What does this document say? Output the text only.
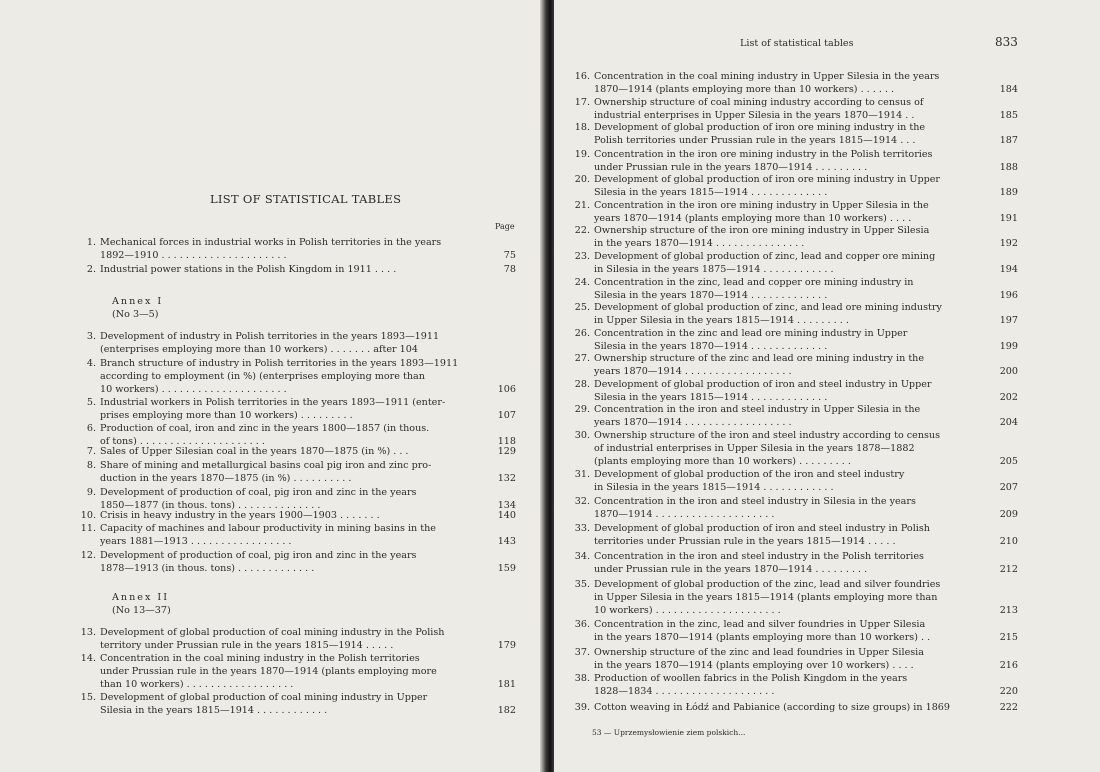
LIST OF STATISTICAL TABLES
Page
1. Mechanical forces in industrial works in Polish territories in the years
1892—1910 . . . . . . . . . . . . . . . . . . . . .	75
2. Industrial power stations in the Polish Kingdom in 1911 . . . .	78
3. Development of industry in Polish territories in the years 1893—1911
(enterprises employing more than 10 workers) . . . . . . . after 104
4. Branch structure of industry in Polish territories in the years 1893—1911
according to employment (in %) (enterprises employing more than
10 workers) . . . . . . . . . . . . . . . . . . . . .	106
5. Industrial workers in Polish territories in the years 1893—1911 (enter-
prises employing more than 10 workers) . . . . . . . . .	107
6. Production of coal, iron and zinc in the years 1800—1857 (in thous.
of tons) . . . . . . . . . . . . . . . . . . . . .	118
7. Sales of Upper Silesian coal in the years 1870—1875 (in %) . . .	129
8. Share of mining and metallurgical basins coal pig iron and zinc pro-
duction in the years 1870—1875 (in %) . . . . . . . . . .	132
9. Development of production of coal, pig iron and zinc in the years
1850—1877 (in thous. tons) . . . . . . . . . . . . . .	134
10. Crisis in heavy industry in the years 1900—1903 . . . . . . .	140
11. Capacity of machines and labour productivity in mining basins in the
years 1881—1913 . . . . . . . . . . . . . . . . .	143
12. Development of production of coal, pig iron and zinc in the years
1878—1913 (in thous. tons) . . . . . . . . . . . . .	159
13. Development of global production of coal mining industry in the Polish
territory under Prussian rule in the years 1815—1914 . . . . .	179
14. Concentration in the coal mining industry in the Polish territories
under Prussian rule in the years 1870—1914 (plants employing more
than 10 workers) . . . . . . . . . . . . . . . . . .	181
15. Development of global production of coal mining industry in Upper
Silesia in the years 1815—1914 . . . . . . . . . . . .	182
Annex I
(No 3—5)
Annex II
(No 13—37)
List of statistical tables	833
16. Concentration in the coal mining industry in Upper Silesia in the years
1870—1914 (plants employing more than 10 workers) . . . . . .	184
17. Ownership structure of coal mining industry according to census of
industrial enterprises in Upper Silesia in the years 1870—1914 . .	185
18. Development of global production of iron ore mining industry in the
Polish territories under Prussian rule in the years 1815—1914 . . .	187
19. Concentration in the iron ore mining industry in the Polish territories
under Prussian rule in the years 1870—1914 . . . . . . . . .	188
20. Development of global production of iron ore mining industry in Upper
Silesia in the years 1815—1914 . . . . . . . . . . . . .	189
21. Concentration in the iron ore mining industry in Upper Silesia in the
years 1870—1914 (plants employing more than 10 workers) . . . .	191
22. Ownership structure of the iron ore mining industry in Upper Silesia
in the years 1870—1914 . . . . . . . . . . . . . . .	192
23. Development of global production of zinc, lead and copper ore mining
in Silesia in the years 1875—1914 . . . . . . . . . . . .	194
24. Concentration in the zinc, lead and copper ore mining industry in
Silesia in the years 1870—1914 . . . . . . . . . . . . .	196
25. Development of global production of zinc, and lead ore mining industry
in Upper Silesia in the years 1815—1914 . . . . . . . . .	197
26. Concentration in the zinc and lead ore mining industry in Upper
Silesia in the years 1870—1914 . . . . . . . . . . . . .	199
27. Ownership structure of the zinc and lead ore mining industry in the
years 1870—1914 . . . . . . . . . . . . . . . . . .	200
28. Development of global production of iron and steel industry in Upper
Silesia in the years 1815—1914 . . . . . . . . . . . . .	202
29. Concentration in the iron and steel industry in Upper Silesia in the
years 1870—1914 . . . . . . . . . . . . . . . . . .	204
30. Ownership structure of the iron and steel industry according to census
of industrial enterprises in Upper Silesia in the years 1878—1882
(plants employing more than 10 workers) . . . . . . . . .	205
31. Development of global production of the iron and steel industry
in Silesia in the years 1815—1914 . . . . . . . . . . . .	207
32. Concentration in the iron and steel industry in Silesia in the years
1870—1914 . . . . . . . . . . . . . . . . . . . .	209
33. Development of global production of iron and steel industry in Polish
territories under Prussian rule in the years 1815—1914 . . . . .	210
34. Concentration in the iron and steel industry in the Polish territories
under Prussian rule in the years 1870—1914 . . . . . . . . .	212
35. Development of global production of the zinc, lead and silver foundries
in Upper Silesia in the years 1815—1914 (plants employing more than
10 workers) . . . . . . . . . . . . . . . . . . . . .	213
36. Concentration in the zinc, lead and silver foundries in Upper Silesia
in the years 1870—1914 (plants employing more than 10 workers) . .	215
37. Ownership structure of the zinc and lead foundries in Upper Silesia
in the years 1870—1914 (plants employing over 10 workers) . . . .	216
38. Production of woollen fabrics in the Polish Kingdom in the years
1828—1834 . . . . . . . . . . . . . . . . . . . .	220
39. Cotton weaving in Łódź and Pabianice (according to size groups) in 1869	222
53 — Uprzemysłowienie ziem polskich...
